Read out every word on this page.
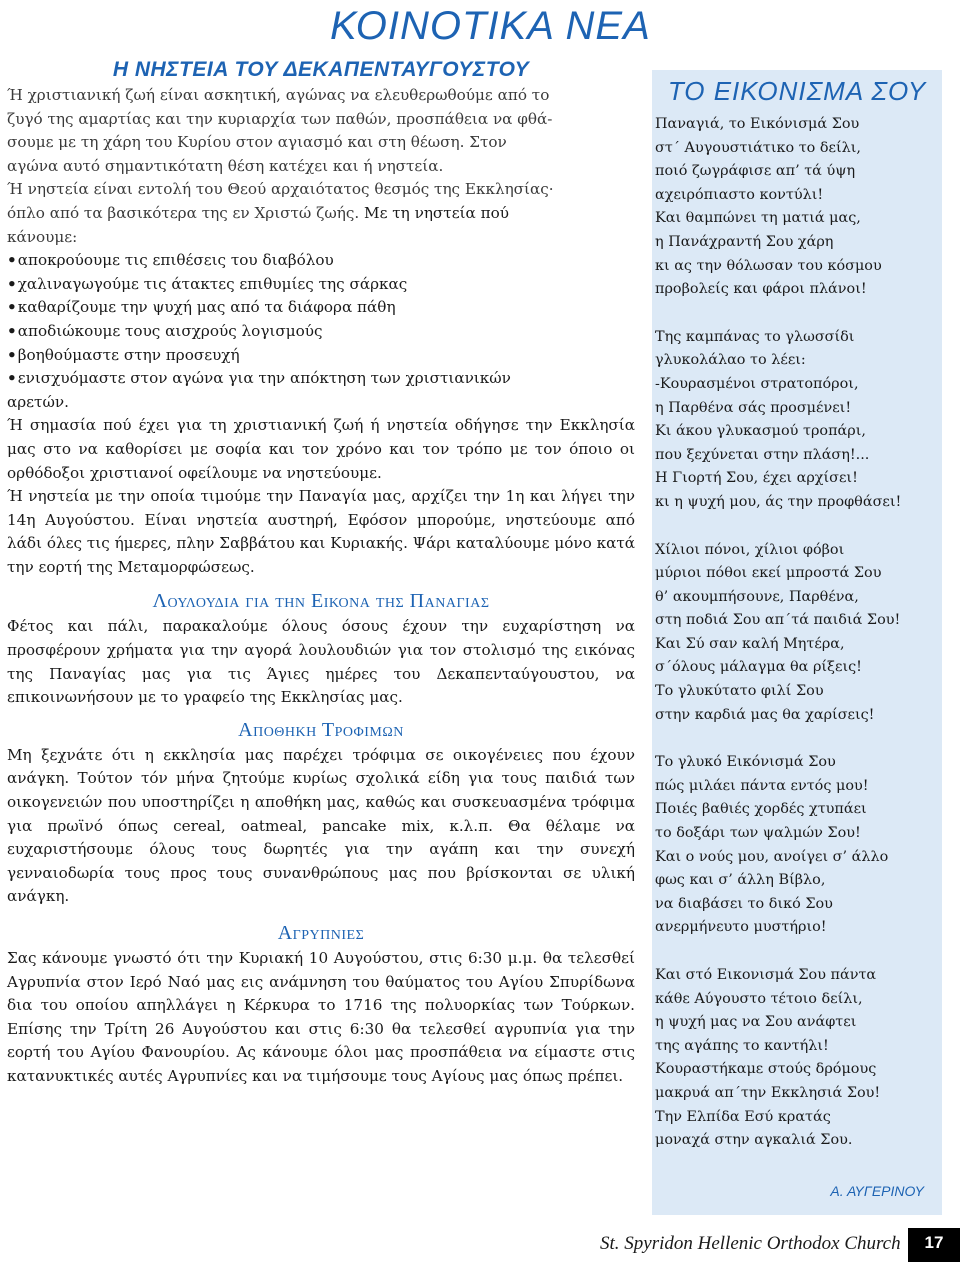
ΚΟΙΝΟΤΙΚΑ ΝΕΑ
Η ΝΗΣΤΕΙΑ ΤΟΥ ΔΕΚΑΠΕΝΤΑΥΓΟΥΣΤΟΥ
Ή χριστιανική ζωή είναι ασκητική, αγώνας να ελευθερωθούμε από το
ζυγό της αμαρτίας και την κυριαρχία των παθών, προσπάθεια να φθά-
σουμε με τη χάρη του Κυρίου στον αγιασμό και στη θέωση. Στον
αγώνα αυτό σημαντικότατη θέση κατέχει και ή νηστεία.
Ή νηστεία είναι εντολή του Θεού αρχαιότατος θεσμός της Εκκλησίας·
όπλο από τα βασικότερα της εν Χριστώ ζωής. Με τη νηστεία πού
κάνουμε:
• αποκρούουμε τις επιθέσεις του διαβόλου
• χαλιναγωγούμε τις άτακτες επιθυμίες της σάρκας
• καθαρίζουμε την ψυχή μας από τα διάφορα πάθη
• αποδιώκουμε τους αισχρούς λογισμούς
• βοηθούμαστε στην προσευχή
• ενισχυόμαστε στον αγώνα για την απόκτηση των χριστιανικών
αρετών.
Ή σημασία πού έχει για τη χριστιανική ζωή ή νηστεία οδήγησε την Εκκλησία μας στο να καθορίσει με σοφία και τον χρόνο και τον τρόπο με τον όποιο οι ορθόδοξοι χριστιανοί οφείλουμε να νηστεύουμε.
Ή νηστεία με την οποία τιμούμε την Παναγία μας, αρχίζει την 1η και λήγει την 14η Αυγούστου. Είναι νηστεία αυστηρή, Εφόσον μπορούμε, νηστεύουμε από λάδι όλες τις ήμερες, πλην Σαββάτου και Κυριακής. Ψάρι καταλύουμε μόνο κατά την εορτή της Μεταμορφώσεως.
Λουλουδια για την Εικονα της Παναγιας
Φέτος και πάλι, παρακαλούμε όλους όσους έχουν την ευχαρίστηση να προσφέρουν χρήματα για την αγορά λουλουδιών για τον στολισμό της εικόνας της Παναγίας μας για τις Άγιες ημέρες του Δεκαπενταύγουστου, να επικοινωνήσουν με το γραφείο της Εκκλησίας μας.
Αποθηκη Τροφιμων
Μη ξεχνάτε ότι η εκκλησία μας παρέχει τρόφιμα σε οικογένειες που έχουν ανάγκη. Τούτον τόν μήνα ζητούμε κυρίως σχολικά είδη για τους παιδιά των οικογενειών που υποστηρίζει η αποθήκη μας, καθώς και συσκευασμένα τρόφιμα για πρωϊνό όπως cereal, oatmeal, pancake mix, κ.λ.π. Θα θέλαμε να ευχαριστήσουμε όλους τους δωρητές για την αγάπη και την συνεχή γενναιοδωρία τους προς τους συνανθρώπους μας που βρίσκονται σε υλική ανάγκη.
Αγρυπνιες
Σας κάνουμε γνωστό ότι την Κυριακή 10 Αυγούστου, στις 6:30 μ.μ. θα τελεσθεί Αγρυπνία στον Ιερό Ναό μας εις ανάμνηση του θαύματος του Αγίου Σπυρίδωνα δια του οποίου απηλλάγει η Κέρκυρα το 1716 της πολυορκίας των Τούρκων. Επίσης την Τρίτη 26 Αυγούστου και στις 6:30 θα τελεσθεί αγρυπνία για την εορτή του Αγίου Φανουρίου. Ας κάνουμε όλοι μας προσπάθεια να είμαστε στις κατανυκτικές αυτές Αγρυπνίες και να τιμήσουμε τους Αγίους μας όπως πρέπει.
ΤΟ ΕΙΚΟΝΙΣΜΑ ΣΟΥ
Παναγιά, το Εικόνισμά Σου
στ΄ Αυγουστιάτικο το δείλι,
ποιό ζωγράφισε απ’ τά ύψη
αχειρόπιαστο κοντύλι!
Και θαμπώνει τη ματιά μας,
η Πανάχραντή Σου χάρη
κι ας την θόλωσαν του κόσμου
προβολείς και φάροι πλάνοι!
Της καμπάνας το γλωσσίδι
γλυκολάλαο το λέει:
-Κουρασμένοι στρατοπόροι,
η Παρθένα σάς προσμένει!
Κι άκου γλυκασμού τροπάρι,
που ξεχύνεται στην πλάση!...
Η Γιορτή Σου, έχει αρχίσει!
κι η ψυχή μου, άς την προφθάσει!
Χίλιοι πόνοι, χίλιοι φόβοι
μύριοι πόθοι εκεί μπροστά Σου
θ’ ακουμπήσουνε, Παρθένα,
στη ποδιά Σου απ΄τά παιδιά Σου!
Και Σύ σαν καλή Μητέρα,
σ΄όλους μάλαγμα θα ρίξεις!
Το γλυκύτατο φιλί Σου
στην καρδιά μας θα χαρίσεις!
Το γλυκό Εικόνισμά Σου
πώς μιλάει πάντα εντός μου!
Ποιές βαθιές χορδές χτυπάει
το δοξάρι των ψαλμών Σου!
Και ο νούς μου, ανοίγει σ’ άλλο
φως και σ’ άλλη Βίβλο,
να διαβάσει το δικό Σου
ανερμήνευτο μυστήριο!
Και στό Εικονισμά Σου πάντα
κάθε Αύγουστο τέτοιο δείλι,
η ψυχή μας να Σου ανάφτει
της αγάπης το καντήλι!
Κουραστήκαμε στούς δρόμους
μακρυά απ΄την Εκκλησιά Σου!
Την Ελπίδα Εσύ κρατάς
μοναχά στην αγκαλιά Σου.
Α. ΑΥΓΕΡΙΝΟΥ
St. Spyridon Hellenic Orthodox Church	17
